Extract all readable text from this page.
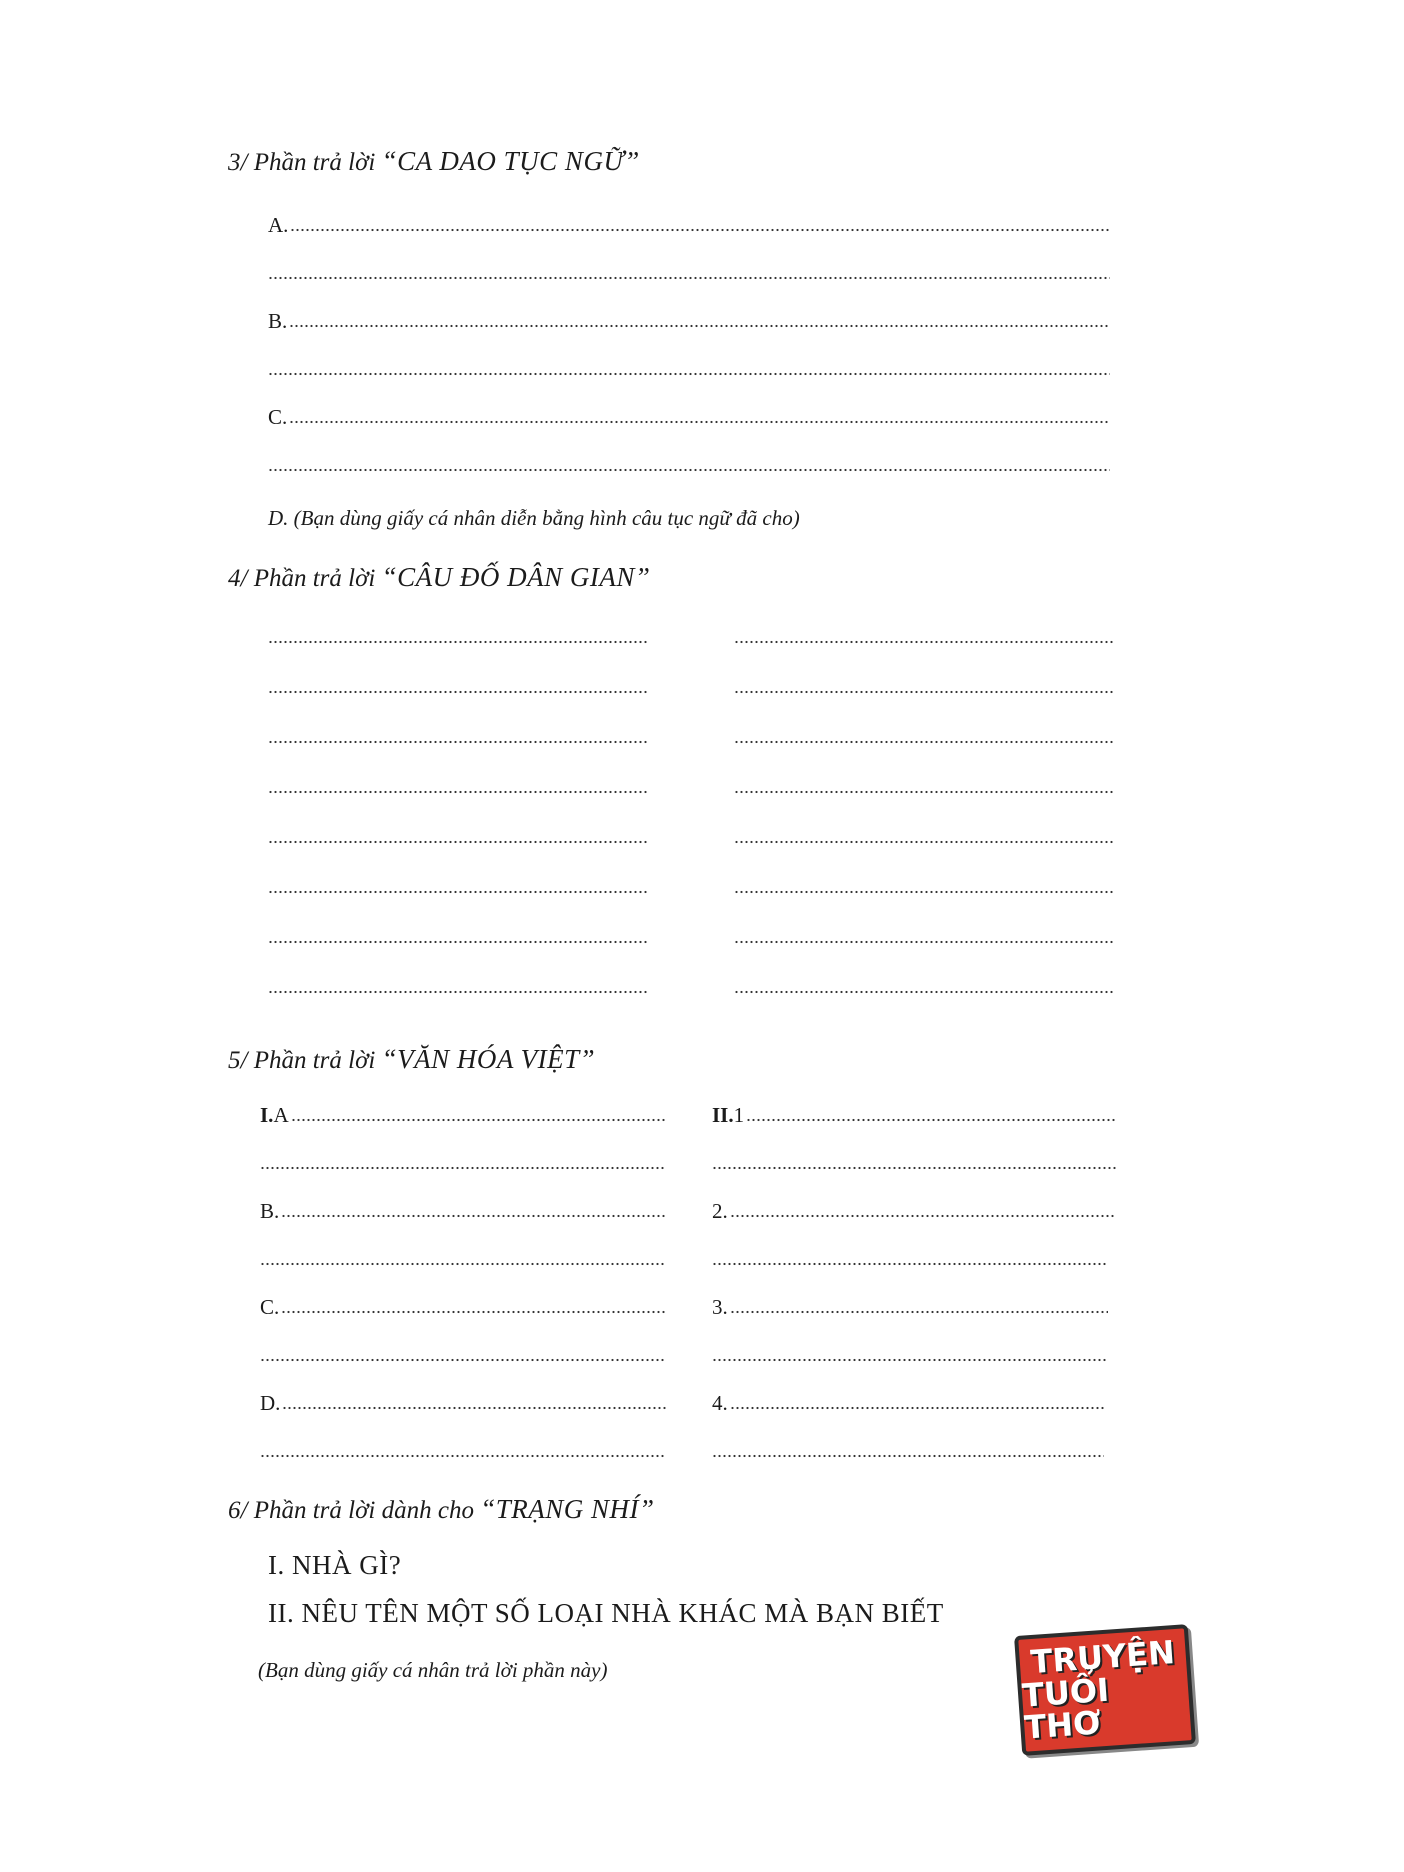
3/ Phần trả lời “CA DAO TỤC NGỮ”
A.
B.
C.
D. (Bạn dùng giấy cá nhân diễn bằng hình câu tục ngữ đã cho)
4/ Phần trả lời “CÂU ĐỐ DÂN GIAN”
5/ Phần trả lời “VĂN HÓA VIỆT”
I.A
B.
C.
D.
II.1
2.
3.
4.
6/ Phần trả lời dành cho “TRẠNG NHÍ”
I. NHÀ GÌ?
II. NÊU TÊN MỘT SỐ LOẠI NHÀ KHÁC MÀ BẠN BIẾT
(Bạn dùng giấy cá nhân trả lời phần này)	TRUYỆN
TUỔI THƠ
